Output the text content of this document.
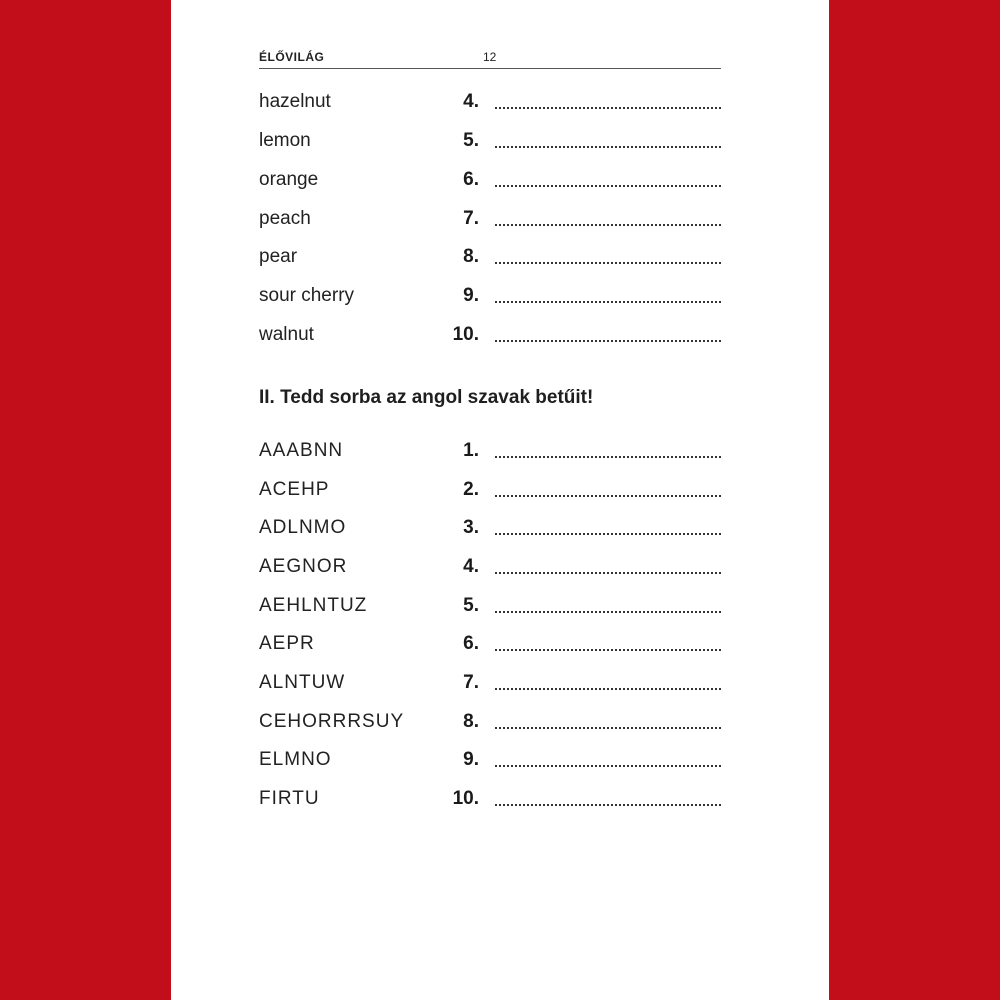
ÉLŐVILÁG	12
hazelnut	4.
lemon	5.
orange	6.
peach	7.
pear	8.
sour cherry	9.
walnut	10.
II. Tedd sorba az angol szavak betűit!
AAABNN	1.
ACEHP	2.
ADLNMO	3.
AEGNOR	4.
AEHLNTUZ	5.
AEPR	6.
ALNTUW	7.
CEHORRRSUY	8.
ELMNO	9.
FIRTU	10.
